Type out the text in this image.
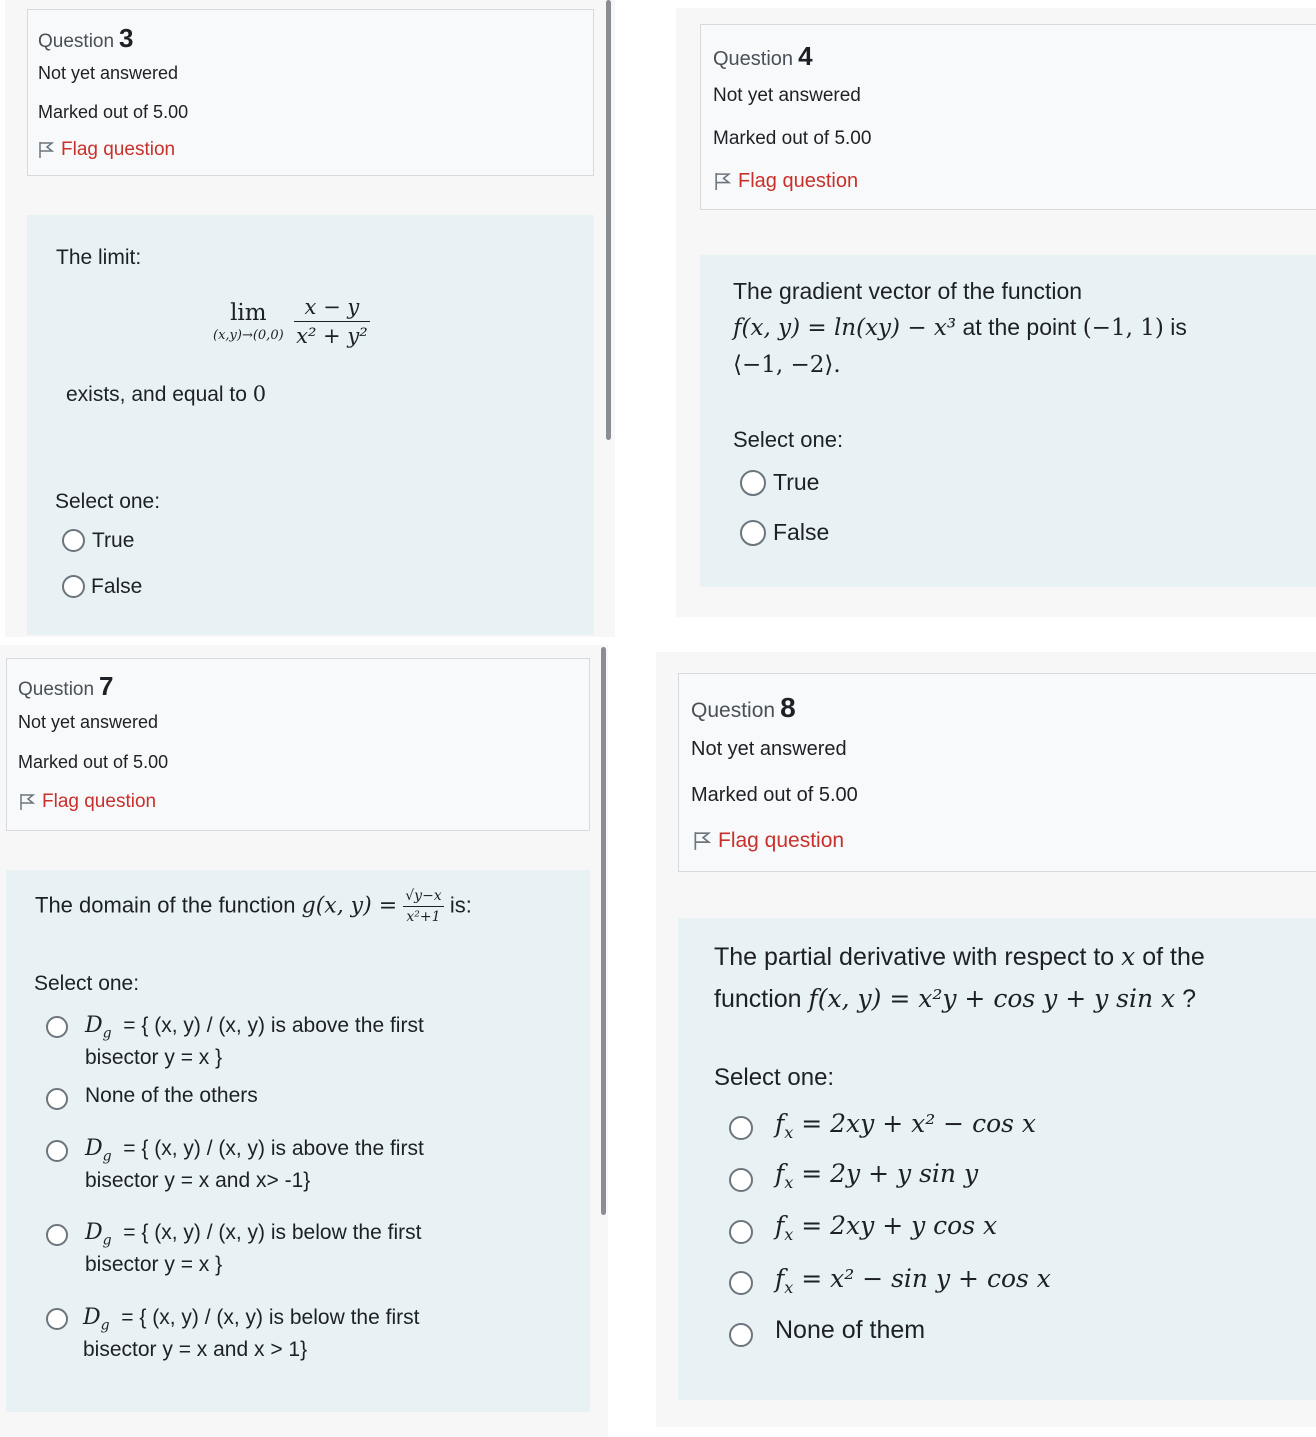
Question 3
Not yet answered
Marked out of 5.00
Flag question
The limit:
lim
(x,y)→(0,0)
$\frac{x - y}{\text{x² + y²}}$
exists, and equal to 0
Select one:
True
False
Question 4
Not yet answered
Marked out of 5.00
Flag question
The gradient vector of the function
f(x, y) = ln(xy) − x³ at the point (−1, 1) is
⟨−1, −2⟩.
Select one:
True
False
Question 7
Not yet answered
Marked out of 5.00
Flag question
The domain of the function g(x, $y) = \frac{√y-x}{\text{x²+1}}$ is:
Select one:
$D_g$ = { (x, y) / (x, y) is above the first
bisector y = x }
None of the others
$D_g$ = { (x, y) / (x, y) is above the first
bisector y = x and x> -1}
$D_g$ = { (x, y) / (x, y) is below the first
bisector y = x }
$D_g$ = { (x, y) / (x, y) is below the first
bisector y = x and x > 1}
Question 8
Not yet answered
Marked out of 5.00
Flag question
The partial derivative with respect to x of the
function f(x, y) = x²y + cos y + y sin x ?
Select one:
$f_x = 2xy + x^2 - \cos x$
$f_x = 2y + y$ sin y
$f_x = 2xy + y$ cos x
$f_x = x^2 - \sin y + \cos x$
None of them
